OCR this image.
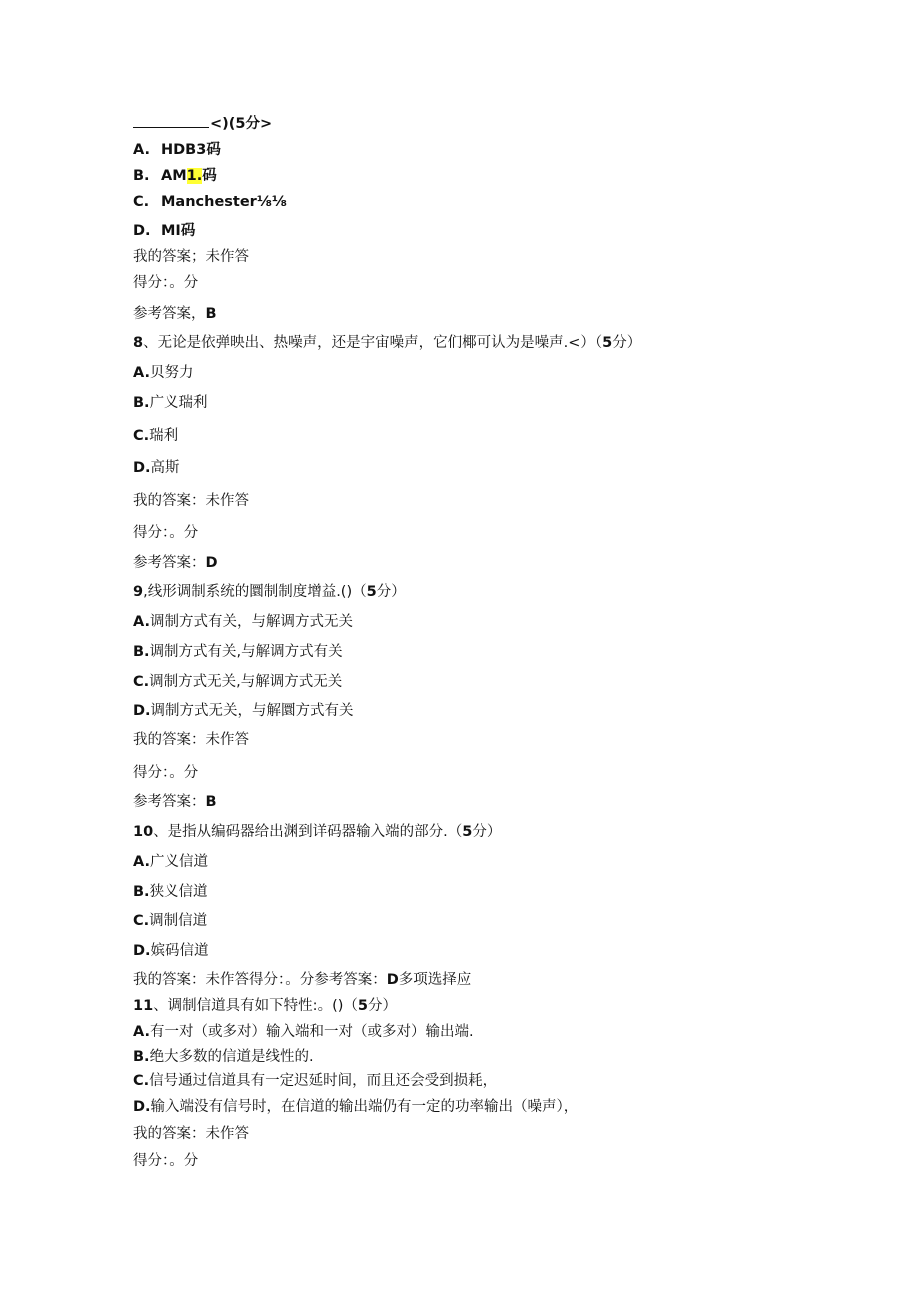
<)(5分>
A. HDB3码
B. AM1.码
C. Manchester⅛⅛
D. MI码
我的答案；未作答
得分：。分
参考答案，B
8、无论是依弹映出、热噪声，还是宇宙噪声，它们椰可认为是噪声.<）（5分）
A.贝努力
B.广义瑞利
C.瑞利
D.高斯
我的答案：未作答
得分：。分
参考答案：D
9,线形调制系统的圜制制度增益.()（5分）
A.调制方式有关，与解调方式无关
B.调制方式有关,与解调方式有关
C.调制方式无关,与解调方式无关
D.调制方式无关，与解圜方式有关
我的答案：未作答
得分：。分
参考答案：B
10、是指从编码器给出渊到详码器输入端的部分.（5分）
A.广义信道
B.狭义信道
C.调制信道
D.嫔码信道
我的答案：未作答得分：。分参考答案：D多项选择应
11、调制信道具有如下特性:。()（5分）
A.有一对（或多对）输入端和一对（或多对）输出端.
B.绝大多数的信道是线性的.
C.信号通过信道具有一定迟延时间，而且还会受到损耗，
D.输入端没有信号时，在信道的输出端仍有一定的功率输出（噪声），
我的答案：未作答
得分：。分
